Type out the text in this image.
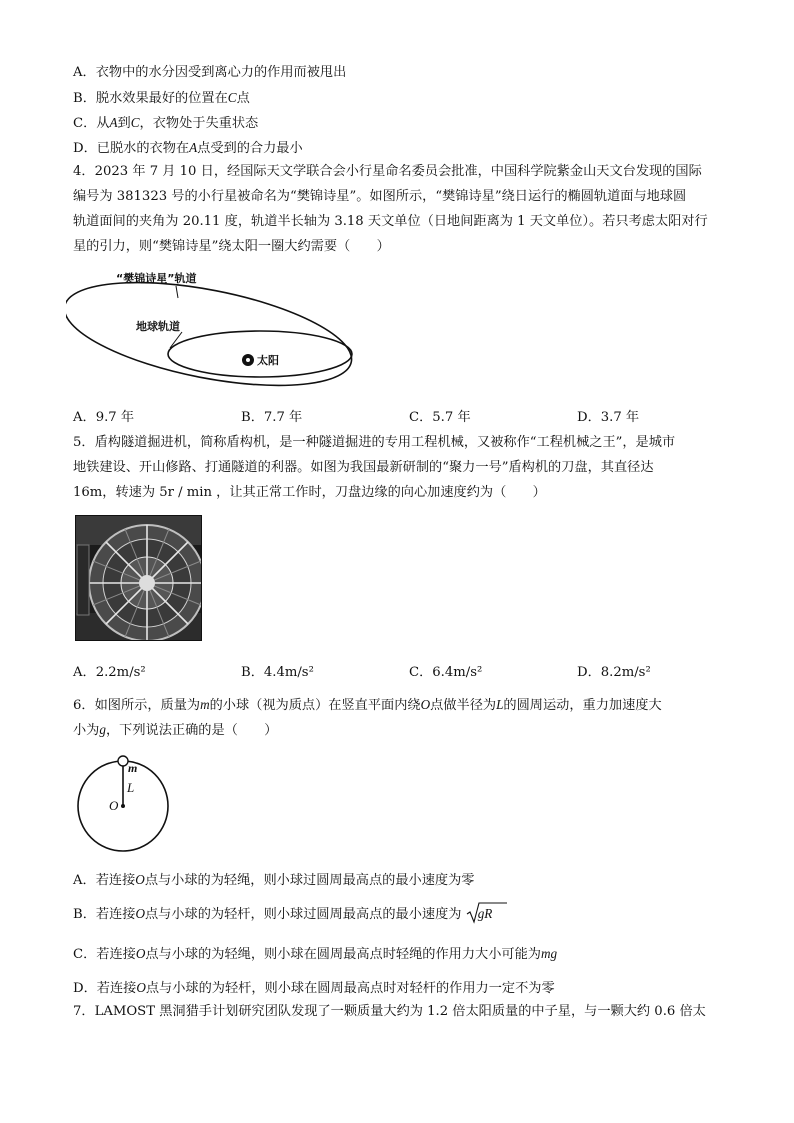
A．衣物中的水分因受到离心力的作用而被甩出
B．脱水效果最好的位置在C点
C．从A到C，衣物处于失重状态
D．已脱水的衣物在A点受到的合力最小
4．2023 年 7 月 10 日，经国际天文学联合会小行星命名委员会批准，中国科学院紫金山天文台发现的国际
编号为 381323 号的小行星被命名为“樊锦诗星”。如图所示，“樊锦诗星”绕日运行的椭圆轨道面与地球圆
轨道面间的夹角为 20.11 度，轨道半长轴为 3.18 天文单位（日地间距离为 1 天文单位）。若只考虑太阳对行
星的引力，则“樊锦诗星”绕太阳一圈大约需要（　　）
“樊锦诗星”轨道
地球轨道
太阳
A．9.7 年	B．7.7 年	C．5.7 年	D．3.7 年
5．盾构隧道掘进机，简称盾构机，是一种隧道掘进的专用工程机械，又被称作“工程机械之王”，是城市
地铁建设、开山修路、打通隧道的利器。如图为我国最新研制的“聚力一号”盾构机的刀盘，其直径达
16m，转速为 5r / min ，让其正常工作时，刀盘边缘的向心加速度约为（　　）
A．2.2m/s²	B．4.4m/s²	C．6.4m/s²	D．8.2m/s²
6．如图所示，质量为m的小球（视为质点）在竖直平面内绕O点做半径为L的圆周运动，重力加速度大
小为g，下列说法正确的是（　　）
m
L
O
A．若连接O点与小球的为轻绳，则小球过圆周最高点的最小速度为零
B．若连接O点与小球的为轻杆，则小球过圆周最高点的最小速度为 gR
C．若连接O点与小球的为轻绳，则小球在圆周最高点时轻绳的作用力大小可能为mg
D．若连接O点与小球的为轻杆，则小球在圆周最高点时对轻杆的作用力一定不为零
7．LAMOST 黑洞猎手计划研究团队发现了一颗质量大约为 1.2 倍太阳质量的中子星，与一颗大约 0.6 倍太
